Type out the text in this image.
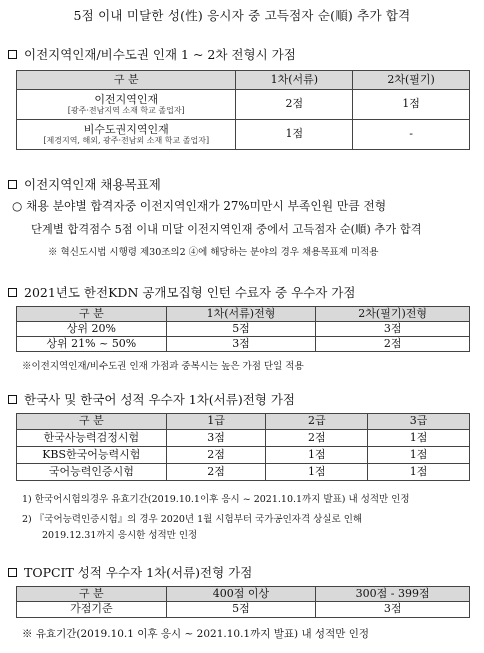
5점 이내 미달한 성(性) 응시자 중 고득점자 순(順) 추가 합격
이전지역인재/비수도권 인재 1 ~ 2차 전형시 가점
구 분	1차(서류)	2차(필기)
이전지역인재
[광주·전남지역 소재 학교 졸업자]	2점	1점
비수도권지역인재
[제경지역, 해외, 광주·전남외 소재 학교 졸업자]	1점	-
이전지역인재 채용목표제
○ 채용 분야별 합격자중 이전지역인재가 27%미만시 부족인원 만큼 전형
단계별 합격점수 5점 이내 미달 이전지역인재 중에서 고득점자 순(順) 추가 합격
※ 혁신도시법 시행령 제30조의2 ④에 해당하는 분야의 경우 채용목표제 미적용
2021년도 한전KDN 공개모집형 인턴 수료자 중 우수자 가점
구 분	1차(서류)전형	2차(필기)전형
상위 20%	5점	3점
상위 21% ~ 50%	3점	2점
※이전지역인재/비수도권 인재 가점과 중복시는 높은 가점 단일 적용
한국사 및 한국어 성적 우수자 1차(서류)전형 가점
구 분	1급	2급	3급
한국사능력검정시험	3점	2점	1점
KBS한국어능력시험	2점	1점	1점
국어능력인증시험	2점	1점	1점
1) 한국어시험의경우 유효기간(2019.10.1이후 응시 ~ 2021.10.1까지 발표) 내 성적만 인정
2) 『국어능력인증시험』의 경우 2020년 1월 시험부터 국가공인자격 상실로 인해
2019.12.31까지 응시한 성적만 인정
TOPCIT 성적 우수자 1차(서류)전형 가점
구 분	400점 이상	300점 - 399점
가점기준	5점	3점
※ 유효기간(2019.10.1 이후 응시 ~ 2021.10.1까지 발표) 내 성적만 인정
